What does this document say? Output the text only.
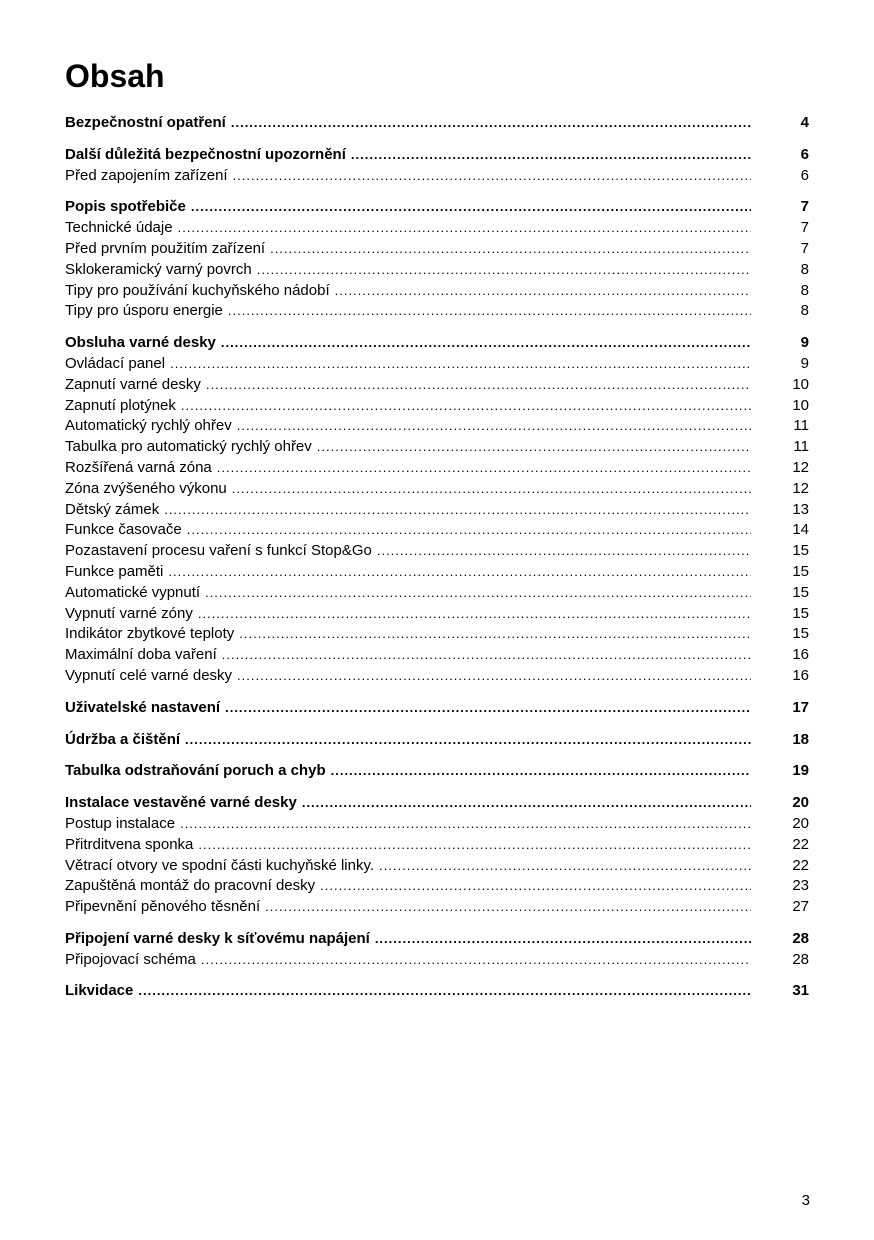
Obsah
Bezpečnostní opatření .....	4
Další důležitá bezpečnostní upozornění .....	6
Před zapojením zařízení .....	6
Popis spotřebiče .....	7
Technické údaje .....	7
Před prvním použitím zařízení .....	7
Sklokeramický varný povrch .....	8
Tipy pro používání kuchyňského nádobí .....	8
Tipy pro úsporu energie .....	8
Obsluha varné desky .....	9
Ovládací panel .....	9
Zapnutí varné desky .....	10
Zapnutí plotýnek .....	10
Automatický rychlý ohřev .....	11
Tabulka pro automatický rychlý ohřev .....	11
Rozšířená varná zóna .....	12
Zóna zvýšeného výkonu .....	12
Dětský zámek .....	13
Funkce časovače .....	14
Pozastavení procesu vaření s funkcí Stop&Go .....	15
Funkce paměti .....	15
Automatické vypnutí .....	15
Vypnutí varné zóny .....	15
Indikátor zbytkové teploty .....	15
Maximální doba vaření .....	16
Vypnutí celé varné desky .....	16
Uživatelské nastavení .....	17
Údržba a čištění .....	18
Tabulka odstraňování poruch a chyb .....	19
Instalace vestavěné varné desky .....	20
Postup instalace .....	20
Přitrditvena sponka .....	22
Větrací otvory ve spodní části kuchyňské linky. .....	22
Zapuštěná montáž do pracovní desky .....	23
Připevnění pěnového těsnění .....	27
Připojení varné desky k síťovému napájení .....	28
Připojovací schéma .....	28
Likvidace .....	31
3
